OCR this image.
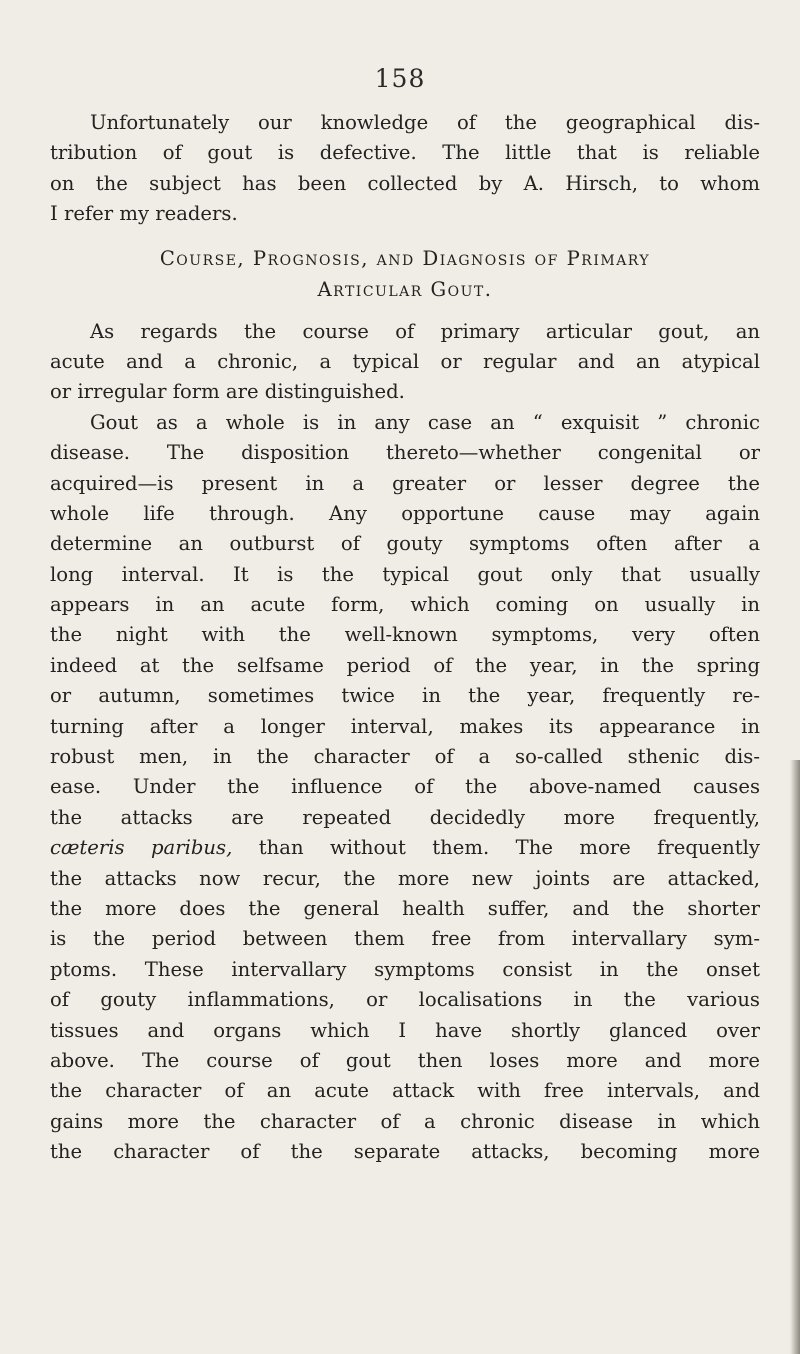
158
Unfortunately our knowledge of the geographical dis-
tribution of gout is defective. The little that is reliable
on the subject has been collected by A. Hirsch, to whom
I refer my readers.
Course, Prognosis, and Diagnosis of Primary
Articular Gout.
As regards the course of primary articular gout, an
acute and a chronic, a typical or regular and an atypical
or irregular form are distinguished.
Gout as a whole is in any case an “ exquisit ” chronic
disease. The disposition thereto—whether congenital or
acquired—is present in a greater or lesser degree the
whole life through. Any opportune cause may again
determine an outburst of gouty symptoms often after a
long interval. It is the typical gout only that usually
appears in an acute form, which coming on usually in
the night with the well-known symptoms, very often
indeed at the selfsame period of the year, in the spring
or autumn, sometimes twice in the year, frequently re-
turning after a longer interval, makes its appearance in
robust men, in the character of a so-called sthenic dis-
ease. Under the influence of the above-named causes
the attacks are repeated decidedly more frequently,
cæteris paribus, than without them. The more frequently
the attacks now recur, the more new joints are attacked,
the more does the general health suffer, and the shorter
is the period between them free from intervallary sym-
ptoms. These intervallary symptoms consist in the onset
of gouty inflammations, or localisations in the various
tissues and organs which I have shortly glanced over
above. The course of gout then loses more and more
the character of an acute attack with free intervals, and
gains more the character of a chronic disease in which
the character of the separate attacks, becoming more
